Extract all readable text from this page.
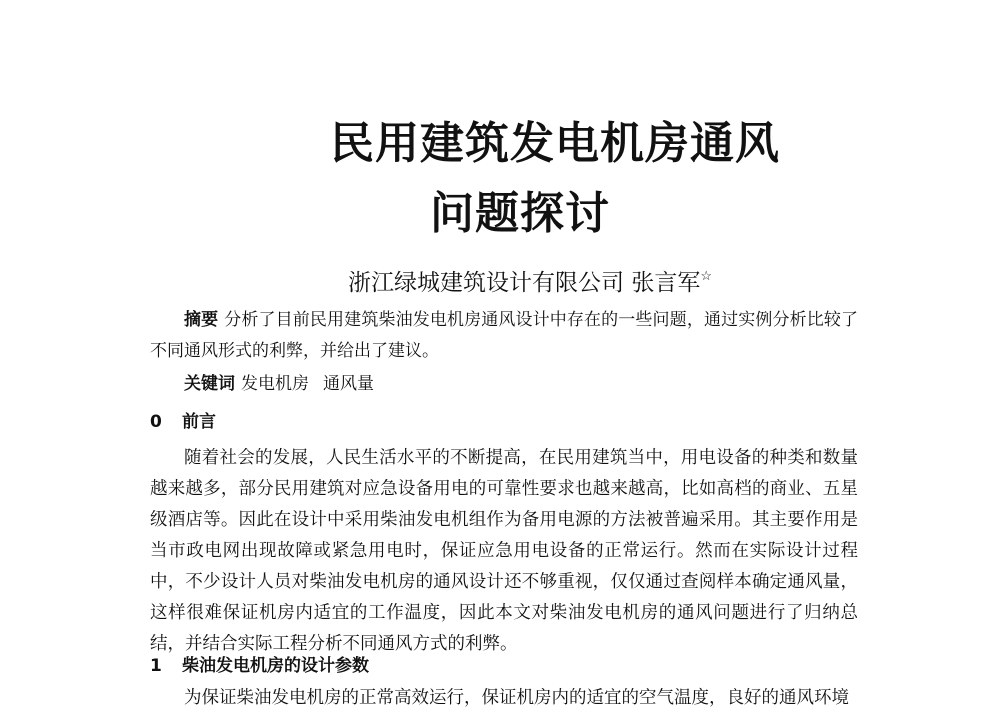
民用建筑发电机房通风
问题探讨
浙江绿城建筑设计有限公司 张言军☆

摘要 分析了目前民用建筑柴油发电机房通风设计中存在的一些问题，通过实例分析比较了不同通风形式的利弊，并给出了建议。

关键词 发电机房 通风量

0 前言

随着社会的发展，人民生活水平的不断提高，在民用建筑当中，用电设备的种类和数量越来越多，部分民用建筑对应急设备用电的可靠性要求也越来越高，比如高档的商业、五星级酒店等。因此在设计中采用柴油发电机组作为备用电源的方法被普遍采用。其主要作用是当市政电网出现故障或紧急用电时，保证应急用电设备的正常运行。然而在实际设计过程中，不少设计人员对柴油发电机房的通风设计还不够重视，仅仅通过查阅样本确定通风量，这样很难保证机房内适宜的工作温度，因此本文对柴油发电机房的通风问题进行了归纳总结，并结合实际工程分析不同通风方式的利弊。

1 柴油发电机房的设计参数

为保证柴油发电机房的正常高效运行，保证机房内的适宜的空气温度，良好的通风环境
